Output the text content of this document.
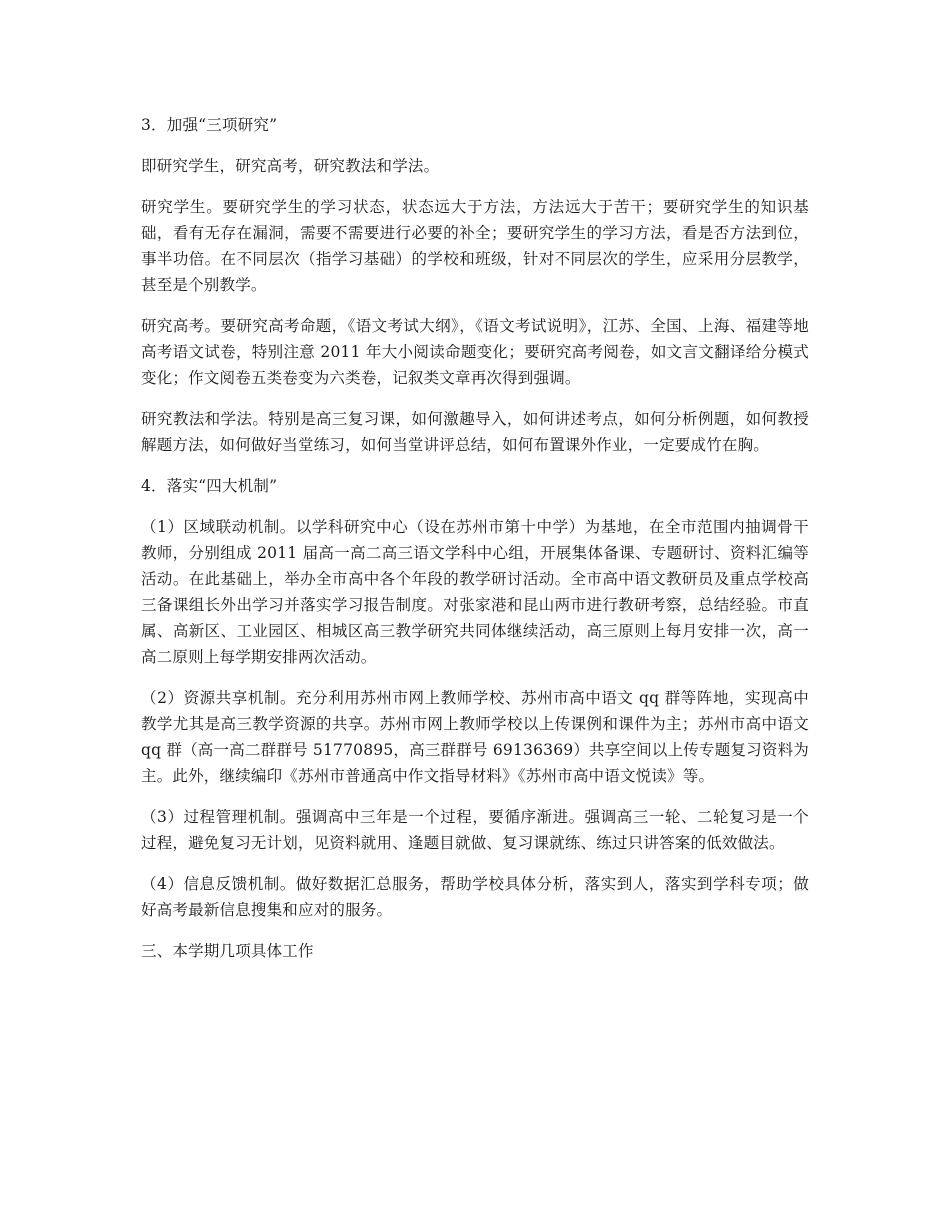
3．加强“三项研究”

即研究学生，研究高考，研究教法和学法。

研究学生。要研究学生的学习状态，状态远大于方法，方法远大于苦干；要研究学生的知识基础，看有无存在漏洞，需要不需要进行必要的补全；要研究学生的学习方法，看是否方法到位，事半功倍。在不同层次（指学习基础）的学校和班级，针对不同层次的学生，应采用分层教学，甚至是个别教学。

研究高考。要研究高考命题，《语文考试大纲》，《语文考试说明》，江苏、全国、上海、福建等地高考语文试卷，特别注意 2011 年大小阅读命题变化；要研究高考阅卷，如文言文翻译给分模式变化；作文阅卷五类卷变为六类卷，记叙类文章再次得到强调。

研究教法和学法。特别是高三复习课，如何激趣导入，如何讲述考点，如何分析例题，如何教授解题方法，如何做好当堂练习，如何当堂讲评总结，如何布置课外作业，一定要成竹在胸。

4．落实“四大机制”

（1）区域联动机制。以学科研究中心（设在苏州市第十中学）为基地，在全市范围内抽调骨干教师，分别组成 2011 届高一高二高三语文学科中心组，开展集体备课、专题研讨、资料汇编等活动。在此基础上，举办全市高中各个年段的教学研讨活动。全市高中语文教研员及重点学校高三备课组长外出学习并落实学习报告制度。对张家港和昆山两市进行教研考察，总结经验。市直属、高新区、工业园区、相城区高三教学研究共同体继续活动，高三原则上每月安排一次，高一高二原则上每学期安排两次活动。

（2）资源共享机制。充分利用苏州市网上教师学校、苏州市高中语文 qq 群等阵地，实现高中教学尤其是高三教学资源的共享。苏州市网上教师学校以上传课例和课件为主；苏州市高中语文 qq 群（高一高二群群号 51770895，高三群群号 69136369）共享空间以上传专题复习资料为主。此外，继续编印《苏州市普通高中作文指导材料》《苏州市高中语文悦读》等。

（3）过程管理机制。强调高中三年是一个过程，要循序渐进。强调高三一轮、二轮复习是一个过程，避免复习无计划，见资料就用、逢题目就做、复习课就练、练过只讲答案的低效做法。

（4）信息反馈机制。做好数据汇总服务，帮助学校具体分析，落实到人，落实到学科专项；做好高考最新信息搜集和应对的服务。

三、本学期几项具体工作
